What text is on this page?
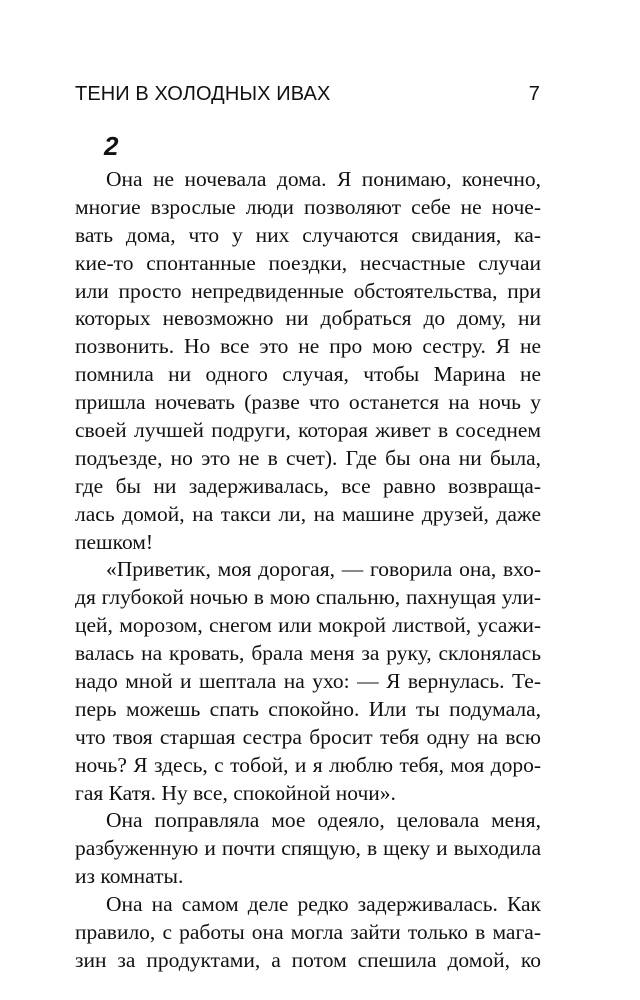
ТЕНИ В ХОЛОДНЫХ ИВАХ	7
2
Она не ночевала дома. Я понимаю, конечно,
многие взрослые люди позволяют себе не ноче-
вать дома, что у них случаются свидания, ка-
кие-то спонтанные поездки, несчастные случаи
или просто непредвиденные обстоятельства, при
которых невозможно ни добраться до дому, ни
позвонить. Но все это не про мою сестру. Я не
помнила ни одного случая, чтобы Марина не
пришла ночевать (разве что останется на ночь у
своей лучшей подруги, которая живет в соседнем
подъезде, но это не в счет). Где бы она ни была,
где бы ни задерживалась, все равно возвраща-
лась домой, на такси ли, на машине друзей, даже
пешком!
«Приветик, моя дорогая, — говорила она, вхо-
дя глубокой ночью в мою спальню, пахнущая ули-
цей, морозом, снегом или мокрой листвой, усажи-
валась на кровать, брала меня за руку, склонялась
надо мной и шептала на ухо: — Я вернулась. Те-
перь можешь спать спокойно. Или ты подумала,
что твоя старшая сестра бросит тебя одну на всю
ночь? Я здесь, с тобой, и я люблю тебя, моя доро-
гая Катя. Ну все, спокойной ночи».
Она поправляла мое одеяло, целовала меня,
разбуженную и почти спящую, в щеку и выходила
из комнаты.
Она на самом деле редко задерживалась. Как
правило, с работы она могла зайти только в мага-
зин за продуктами, а потом спешила домой, ко
